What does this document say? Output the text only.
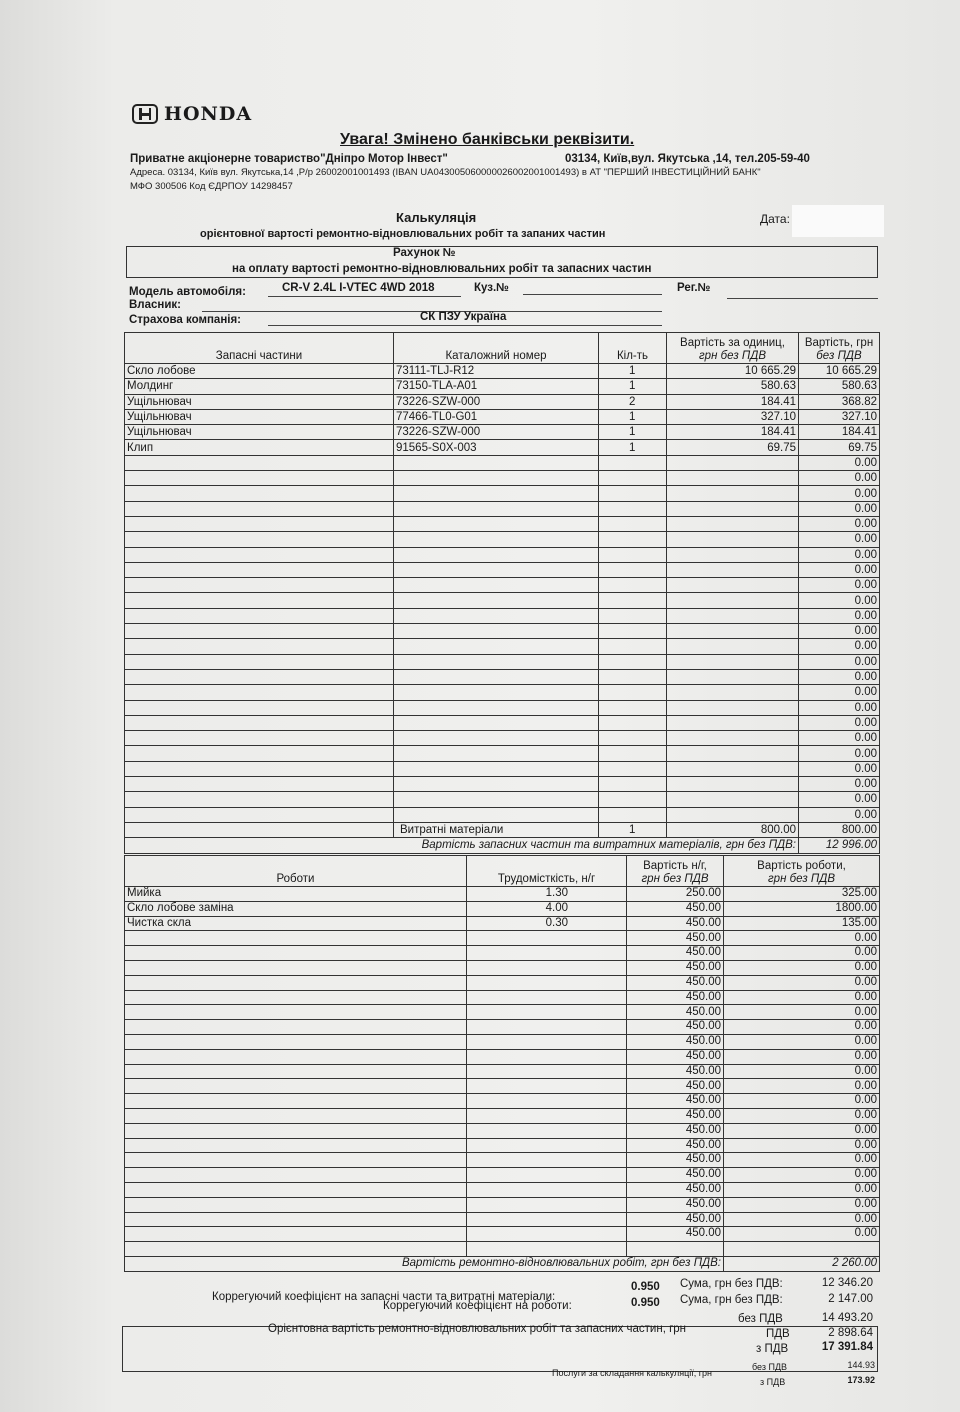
HONDA
Увага! Змінено банківськи реквізити.
Приватне акціонерне товариство"Дніпро Мотор Інвест"	03134, Київ,вул. Якутська ,14, тел.205-59-40
Адреса. 03134, Київ вул. Якутська,14 ,Р/р 26002001001493 (IBAN UA043005060000026002001001493) в АТ "ПЕРШИЙ ІНВЕСТИЦІЙНИЙ БАНК"
МФО 300506 Код ЄДРПОУ 14298457
Калькуляція
орієнтовної вартості ремонтно-відновлювальних робіт та запаних частин
Дата:
Рахунок №
на оплату вартості ремонтно-відновлювальних робіт та запасних частин
Модель автомобіля:	CR-V 2.4L I-VTEC 4WD 2018	Куз.№	Рег.№
Власник:
Страхова компанія:	СК ПЗУ Україна
Запасні частини	Каталожний номер	Кіл-ть	Вартість за одиниц,
грн без ПДВ	Вартість, грн
без ПДВ
Скло лобове	73111-TLJ-R12	1	10 665.29	10 665.29
Молдинг	73150-TLA-A01	1	580.63	580.63
Ущільнювач	73226-SZW-000	2	184.41	368.82
Ущільнювач	77466-TL0-G01	1	327.10	327.10
Ущільнювач	73226-SZW-000	1	184.41	184.41
Клип	91565-S0X-003	1	69.75	69.75
				0.00
				0.00
				0.00
				0.00
				0.00
				0.00
				0.00
				0.00
				0.00
				0.00
				0.00
				0.00
				0.00
				0.00
				0.00
				0.00
				0.00
				0.00
				0.00
				0.00
				0.00
				0.00
				0.00
				0.00
	Витратні матеріали	1	800.00	800.00
Вартість запасних частин та витратних матеріалів, грн без ПДВ:				12 996.00
Роботи	Трудомісткість, н/г	Вартість н/г,
грн без ПДВ	Вартість роботи,
грн без ПДВ
Мийка	1.30	250.00	325.00
Скло лобове заміна	4.00	450.00	1800.00
Чистка скла	0.30	450.00	135.00
		450.00	0.00
		450.00	0.00
		450.00	0.00
		450.00	0.00
		450.00	0.00
		450.00	0.00
		450.00	0.00
		450.00	0.00
		450.00	0.00
		450.00	0.00
		450.00	0.00
		450.00	0.00
		450.00	0.00
		450.00	0.00
		450.00	0.00
		450.00	0.00
		450.00	0.00
		450.00	0.00
		450.00	0.00
		450.00	0.00
		450.00	0.00

Вартість ремонтно-відновлювальних робіт, грн без ПДВ:			2 260.00
Коррегуючий коефіцієнт на запасні части та витратні матеріали:
0.950 Сума, грн без ПДВ:	12 346.20
Коррегуючий коефіцієнт на роботи:	0.950 Сума, грн без ПДВ:	2 147.00
Орієнтовна вартість ремонтно-відновлювальних робіт та запасних частин, грн
без ПДВ	14 493.20
ПДВ	2 898.64
з ПДВ	17 391.84
Послуги за складання калькуляції, грн
без ПДВ	144.93
з ПДВ	173.92
